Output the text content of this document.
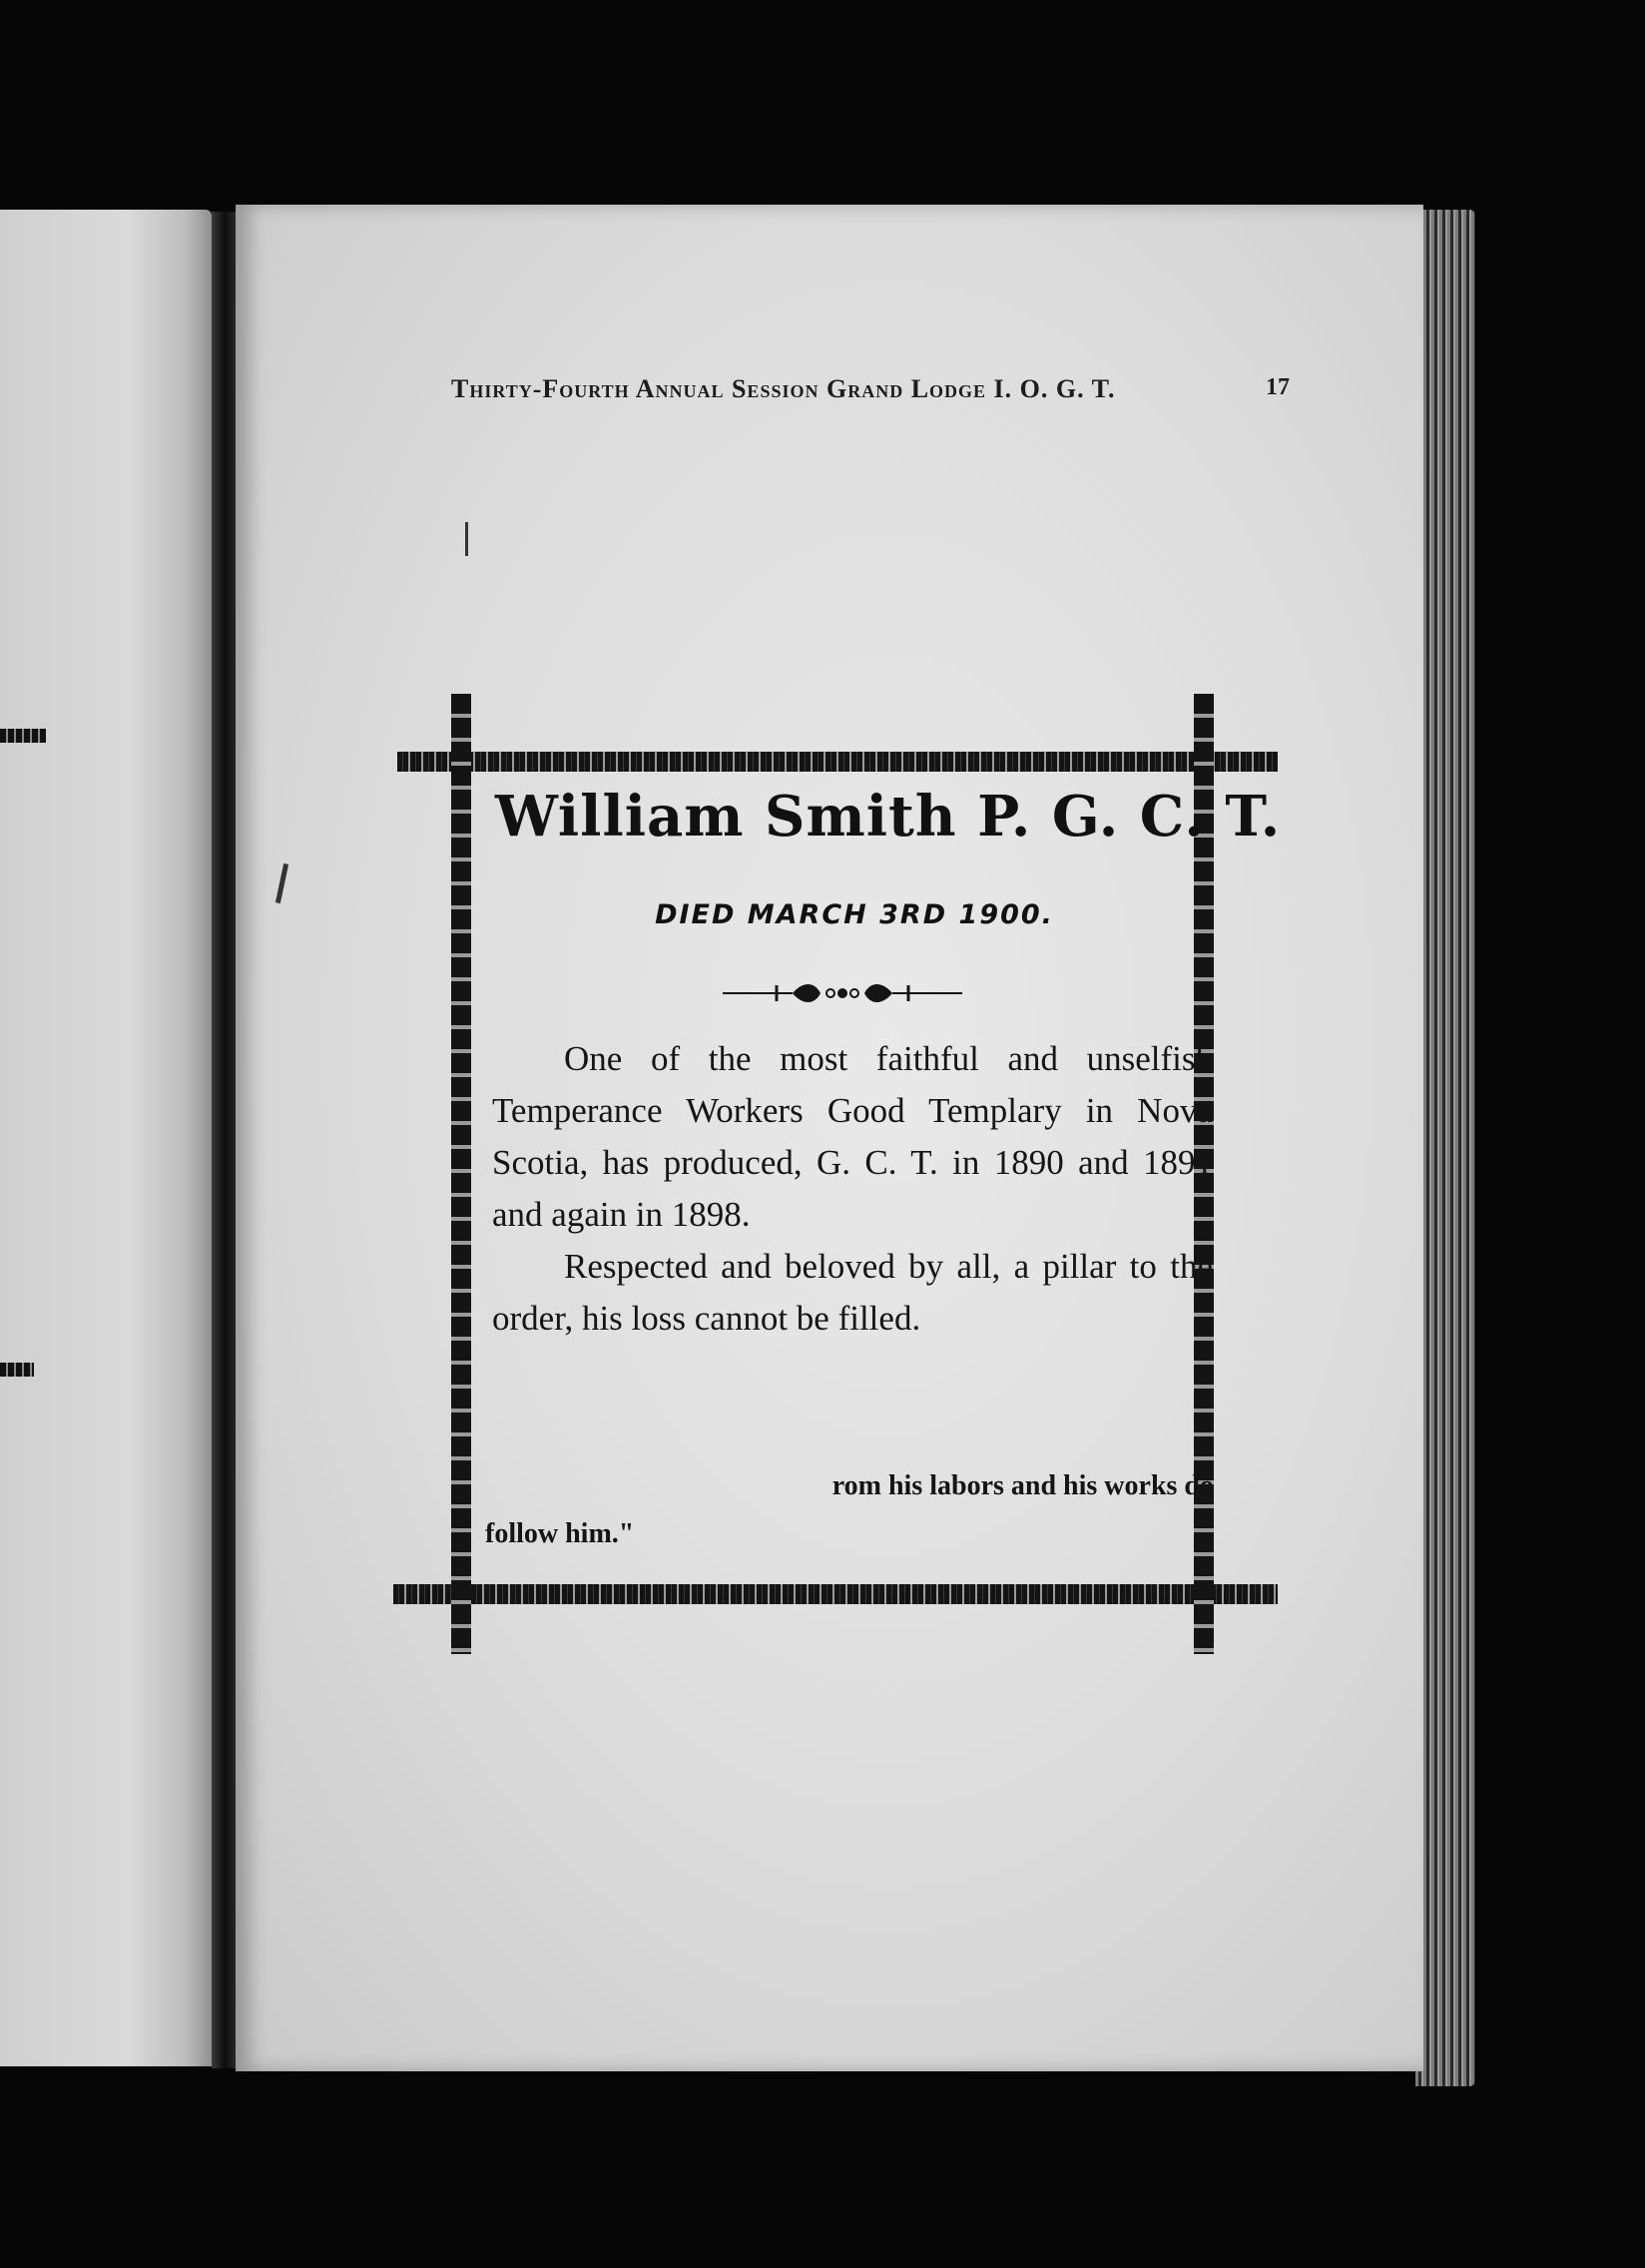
Thirty-Fourth Annual Session Grand Lodge I. O. G. T.	17
William Smith P. G. C. T.
DIED MARCH 3RD 1900.

One of the most faithful and unselfish Temperance Workers Good Templary in Nova Scotia, has produced, G. C. T. in 1890 and 1891 and again in 1898.

Respected and beloved by all, a pillar to the order, his loss cannot be filled.

rom his labors and his works do
follow him."
